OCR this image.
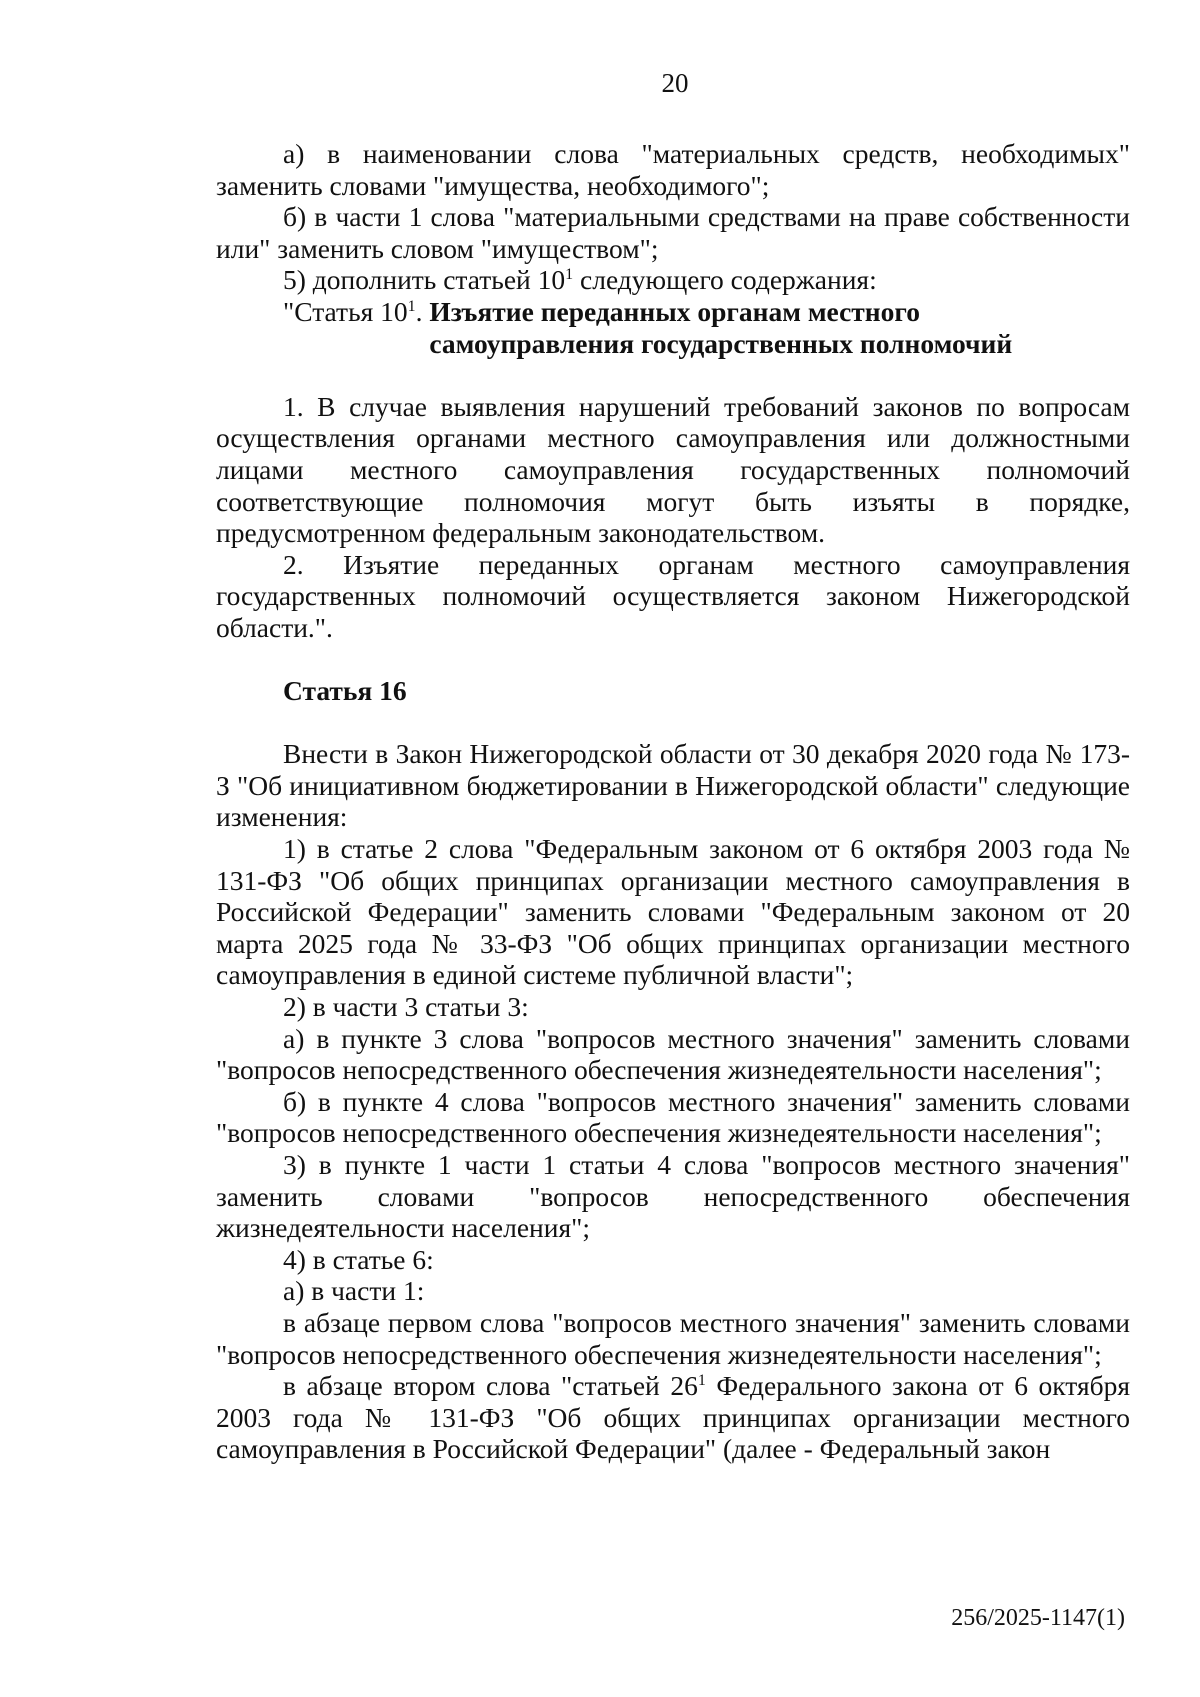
20

а) в наименовании слова "материальных средств, необходимых" заменить словами "имущества, необходимого";

б) в части 1 слова "материальными средствами на праве собственности или" заменить словом "имуществом";

5) дополнить статьей $10^1$ следующего содержания:

"Статья $10^1$. Изъятие переданных органам местного
самоуправления государственных полномочий

1. В случае выявления нарушений требований законов по вопросам осуществления органами местного самоуправления или должностными лицами местного самоуправления государственных полномочий соответствующие полномочия могут быть изъяты в порядке, предусмотренном федеральным законодательством.

2. Изъятие переданных органам местного самоуправления государственных полномочий осуществляется законом Нижегородской области.".

Статья 16

Внести в Закон Нижегородской области от 30 декабря 2020 года № 173-З "Об инициативном бюджетировании в Нижегородской области" следующие изменения:

1) в статье 2 слова "Федеральным законом от 6 октября 2003 года № 131-ФЗ "Об общих принципах организации местного самоуправления в Российской Федерации" заменить словами "Федеральным законом от 20 марта 2025 года № 33-ФЗ "Об общих принципах организации местного самоуправления в единой системе публичной власти";

2) в части 3 статьи 3:

а) в пункте 3 слова "вопросов местного значения" заменить словами "вопросов непосредственного обеспечения жизнедеятельности населения";

б) в пункте 4 слова "вопросов местного значения" заменить словами "вопросов непосредственного обеспечения жизнедеятельности населения";

3) в пункте 1 части 1 статьи 4 слова "вопросов местного значения" заменить словами "вопросов непосредственного обеспечения жизнедеятельности населения";

4) в статье 6:

а) в части 1:

в абзаце первом слова "вопросов местного значения" заменить словами "вопросов непосредственного обеспечения жизнедеятельности населения";

в абзаце втором слова "статьей $26^1$ Федерального закона от 6 октября 2003 года № 131-ФЗ "Об общих принципах организации местного самоуправления в Российской Федерации" (далее - Федеральный закон

256/2025-1147(1)
